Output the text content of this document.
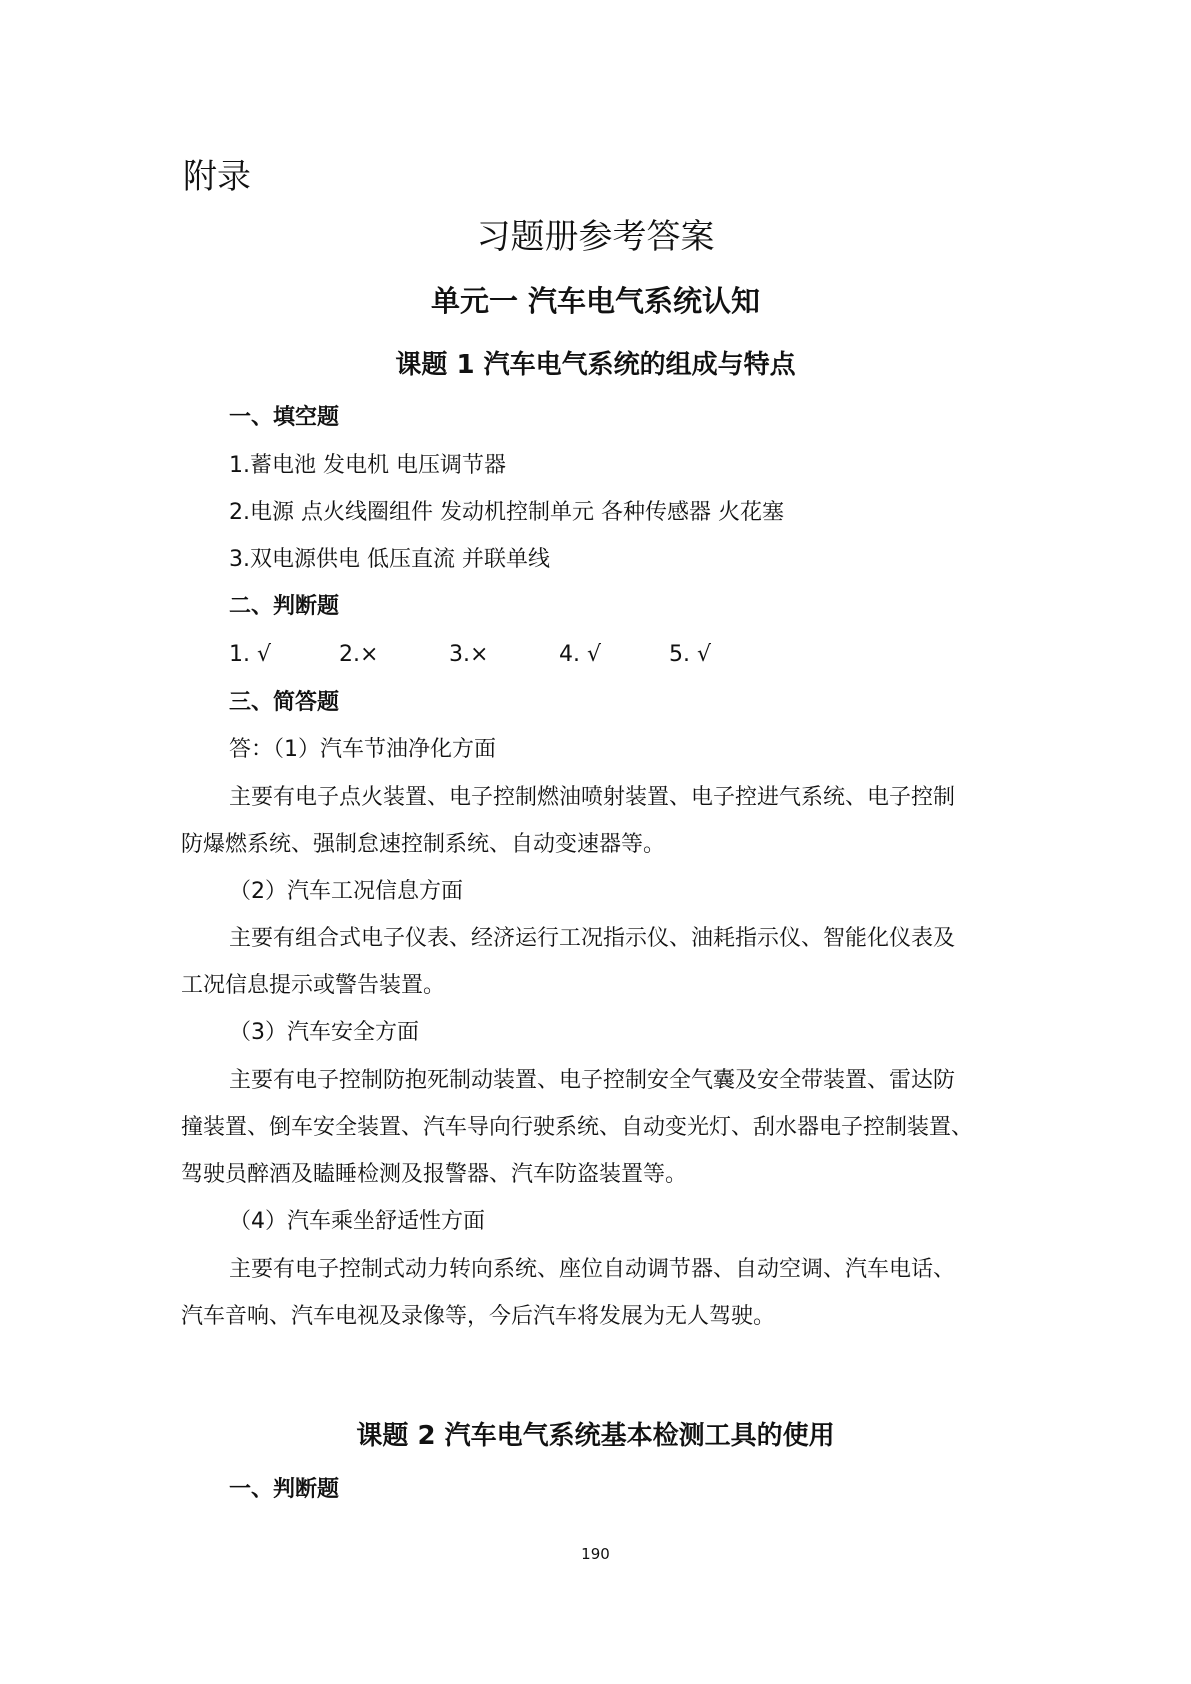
附录
习题册参考答案
单元一 汽车电气系统认知
课题 1 汽车电气系统的组成与特点
一、填空题
1.蓄电池 发电机 电压调节器
2.电源 点火线圈组件 发动机控制单元 各种传感器 火花塞
3.双电源供电 低压直流 并联单线
二、判断题
1. √	2.×	3.×	4. √	5. √
三、简答题
答：（1）汽车节油净化方面
主要有电子点火装置、电子控制燃油喷射装置、电子控进气系统、电子控制
防爆燃系统、强制怠速控制系统、自动变速器等。
（2）汽车工况信息方面
主要有组合式电子仪表、经济运行工况指示仪、油耗指示仪、智能化仪表及
工况信息提示或警告装置。
（3）汽车安全方面
主要有电子控制防抱死制动装置、电子控制安全气囊及安全带装置、雷达防
撞装置、倒车安全装置、汽车导向行驶系统、自动变光灯、刮水器电子控制装置、
驾驶员醉酒及瞌睡检测及报警器、汽车防盗装置等。
（4）汽车乘坐舒适性方面
主要有电子控制式动力转向系统、座位自动调节器、自动空调、汽车电话、
汽车音响、汽车电视及录像等，今后汽车将发展为无人驾驶。
课题 2 汽车电气系统基本检测工具的使用
一、判断题
190
